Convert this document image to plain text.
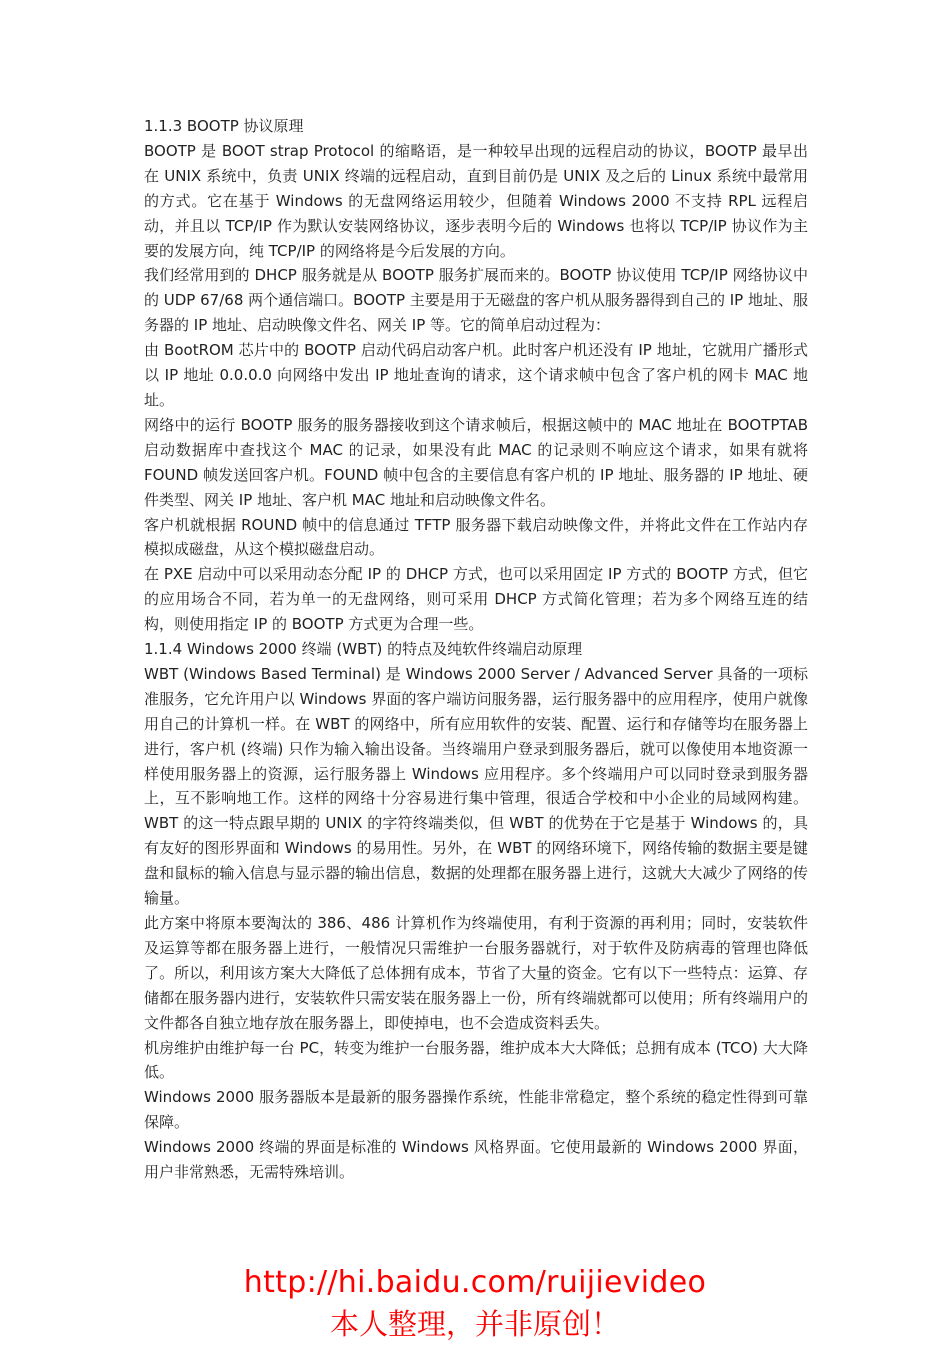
1.1.3 BOOTP 协议原理

BOOTP 是 BOOT strap Protocol 的缩略语，是一种较早出现的远程启动的协议，BOOTP 最早出在 UNIX 系统中，负责 UNIX 终端的远程启动，直到目前仍是 UNIX 及之后的 Linux 系统中最常用的方式。它在基于 Windows 的无盘网络运用较少，但随着 Windows 2000 不支持 RPL 远程启动，并且以 TCP/IP 作为默认安装网络协议，逐步表明今后的 Windows 也将以 TCP/IP 协议作为主要的发展方向，纯 TCP/IP 的网络将是今后发展的方向。

我们经常用到的 DHCP 服务就是从 BOOTP 服务扩展而来的。BOOTP 协议使用 TCP/IP 网络协议中的 UDP 67/68 两个通信端口。BOOTP 主要是用于无磁盘的客户机从服务器得到自己的 IP 地址、服务器的 IP 地址、启动映像文件名、网关 IP 等。它的简单启动过程为：

由 BootROM 芯片中的 BOOTP 启动代码启动客户机。此时客户机还没有 IP 地址，它就用广播形式以 IP 地址 0.0.0.0 向网络中发出 IP 地址查询的请求，这个请求帧中包含了客户机的网卡 MAC 地址。

网络中的运行 BOOTP 服务的服务器接收到这个请求帧后，根据这帧中的 MAC 地址在 BOOTPTAB 启动数据库中查找这个 MAC 的记录，如果没有此 MAC 的记录则不响应这个请求，如果有就将 FOUND 帧发送回客户机。FOUND 帧中包含的主要信息有客户机的 IP 地址、服务器的 IP 地址、硬件类型、网关 IP 地址、客户机 MAC 地址和启动映像文件名。

客户机就根据 ROUND 帧中的信息通过 TFTP 服务器下载启动映像文件，并将此文件在工作站内存模拟成磁盘，从这个模拟磁盘启动。

在 PXE 启动中可以采用动态分配 IP 的 DHCP 方式，也可以采用固定 IP 方式的 BOOTP 方式，但它的应用场合不同，若为单一的无盘网络，则可采用 DHCP 方式简化管理；若为多个网络互连的结构，则使用指定 IP 的 BOOTP 方式更为合理一些。

1.1.4 Windows 2000 终端 (WBT) 的特点及纯软件终端启动原理

WBT (Windows Based Terminal) 是 Windows 2000 Server / Advanced Server 具备的一项标准服务，它允许用户以 Windows 界面的客户端访问服务器，运行服务器中的应用程序，使用户就像用自己的计算机一样。在 WBT 的网络中，所有应用软件的安装、配置、运行和存储等均在服务器上进行，客户机 (终端) 只作为输入输出设备。当终端用户登录到服务器后，就可以像使用本地资源一样使用服务器上的资源，运行服务器上 Windows 应用程序。多个终端用户可以同时登录到服务器上，互不影响地工作。这样的网络十分容易进行集中管理，很适合学校和中小企业的局域网构建。WBT 的这一特点跟早期的 UNIX 的字符终端类似，但 WBT 的优势在于它是基于 Windows 的，具有友好的图形界面和 Windows 的易用性。另外，在 WBT 的网络环境下，网络传输的数据主要是键盘和鼠标的输入信息与显示器的输出信息，数据的处理都在服务器上进行，这就大大减少了网络的传输量。

此方案中将原本要淘汰的 386、486 计算机作为终端使用，有利于资源的再利用；同时，安装软件及运算等都在服务器上进行，一般情况只需维护一台服务器就行，对于软件及防病毒的管理也降低了。所以，利用该方案大大降低了总体拥有成本，节省了大量的资金。它有以下一些特点：运算、存储都在服务器内进行，安装软件只需安装在服务器上一份，所有终端就都可以使用；所有终端用户的文件都各自独立地存放在服务器上，即使掉电，也不会造成资料丢失。

机房维护由维护每一台 PC，转变为维护一台服务器，维护成本大大降低；总拥有成本 (TCO) 大大降低。

Windows 2000 服务器版本是最新的服务器操作系统，性能非常稳定，整个系统的稳定性得到可靠保障。

Windows 2000 终端的界面是标准的 Windows 风格界面。它使用最新的 Windows 2000 界面，用户非常熟悉，无需特殊培训。

http://hi.baidu.com/ruijievideo
本人整理，并非原创！
